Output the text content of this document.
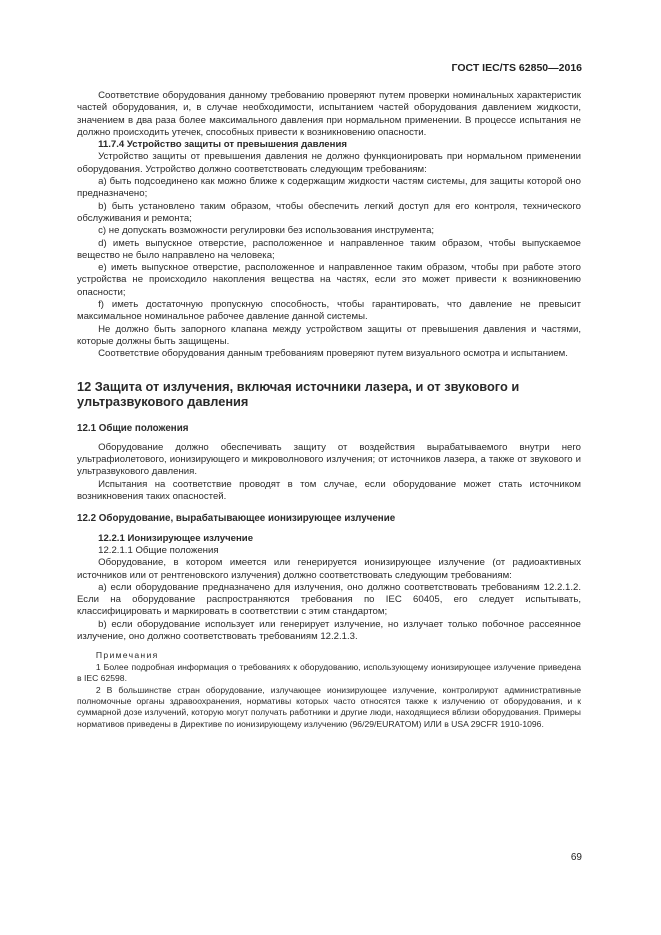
ГОСТ IEC/TS 62850—2016

Соответствие оборудования данному требованию проверяют путем проверки номинальных характеристик частей оборудования, и, в случае необходимости, испытанием частей оборудования давлением жидкости, значением в два раза более максимального давления при нормальном применении. В процессе испытания не должно происходить утечек, способных привести к возникновению опасности.

11.7.4 Устройство защиты от превышения давления

Устройство защиты от превышения давления не должно функционировать при нормальном применении оборудования. Устройство должно соответствовать следующим требованиям:

a) быть подсоединено как можно ближе к содержащим жидкости частям системы, для защиты которой оно предназначено;

b) быть установлено таким образом, чтобы обеспечить легкий доступ для его контроля, технического обслуживания и ремонта;

c) не допускать возможности регулировки без использования инструмента;

d) иметь выпускное отверстие, расположенное и направленное таким образом, чтобы выпускаемое вещество не было направлено на человека;

e) иметь выпускное отверстие, расположенное и направленное таким образом, чтобы при работе этого устройства не происходило накопления вещества на частях, если это может привести к возникновению опасности;

f) иметь достаточную пропускную способность, чтобы гарантировать, что давление не превысит максимальное номинальное рабочее давление данной системы.

Не должно быть запорного клапана между устройством защиты от превышения давления и частями, которые должны быть защищены.

Соответствие оборудования данным требованиям проверяют путем визуального осмотра и испытанием.

12 Защита от излучения, включая источники лазера, и от звукового и ультразвукового давления
12.1 Общие положения

Оборудование должно обеспечивать защиту от воздействия вырабатываемого внутри него ультрафиолетового, ионизирующего и микроволнового излучения; от источников лазера, а также от звукового и ультразвукового давления.

Испытания на соответствие проводят в том случае, если оборудование может стать источником возникновения таких опасностей.

12.2 Оборудование, вырабатывающее ионизирующее излучение

12.2.1 Ионизирующее излучение

12.2.1.1 Общие положения

Оборудование, в котором имеется или генерируется ионизирующее излучение (от радиоактивных источников или от рентгеновского излучения) должно соответствовать следующим требованиям:

a) если оборудование предназначено для излучения, оно должно соответствовать требованиям 12.2.1.2. Если на оборудование распространяются требования по IEC 60405, его следует испытывать, классифицировать и маркировать в соответствии с этим стандартом;

b) если оборудование использует или генерирует излучение, но излучает только побочное рассеянное излучение, оно должно соответствовать требованиям 12.2.1.3.

Примечания

1 Более подробная информация о требованиях к оборудованию, использующему ионизирующее излучение приведена в IEC 62598.

2 В большинстве стран оборудование, излучающее ионизирующее излучение, контролируют административные полномочные органы здравоохранения, нормативы которых часто относятся также к излучению от оборудования, и к суммарной дозе излучений, которую могут получать работники и другие люди, находящиеся вблизи оборудования. Примеры нормативов приведены в Директиве по ионизирующему излучению (96/29/EURATOM) ИЛИ в USA 29CFR 1910-1096.

69
